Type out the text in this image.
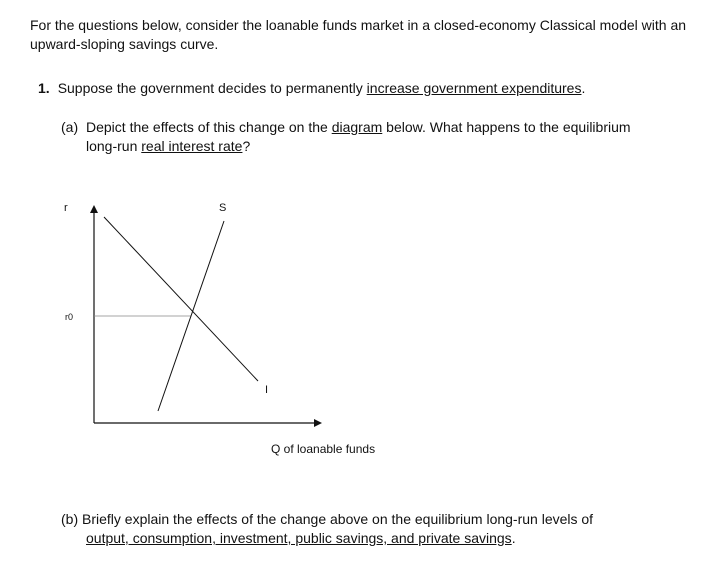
For the questions below, consider the loanable funds market in a closed-economy Classical model with an upward-sloping savings curve.
1. Suppose the government decides to permanently increase government expenditures.
(a) Depict the effects of this change on the diagram below. What happens to the equilibrium
long-run real interest rate?
r	S
r0
I
Q of loanable funds
(b) Briefly explain the effects of the change above on the equilibrium long-run levels of
output, consumption, investment, public savings, and private savings.
